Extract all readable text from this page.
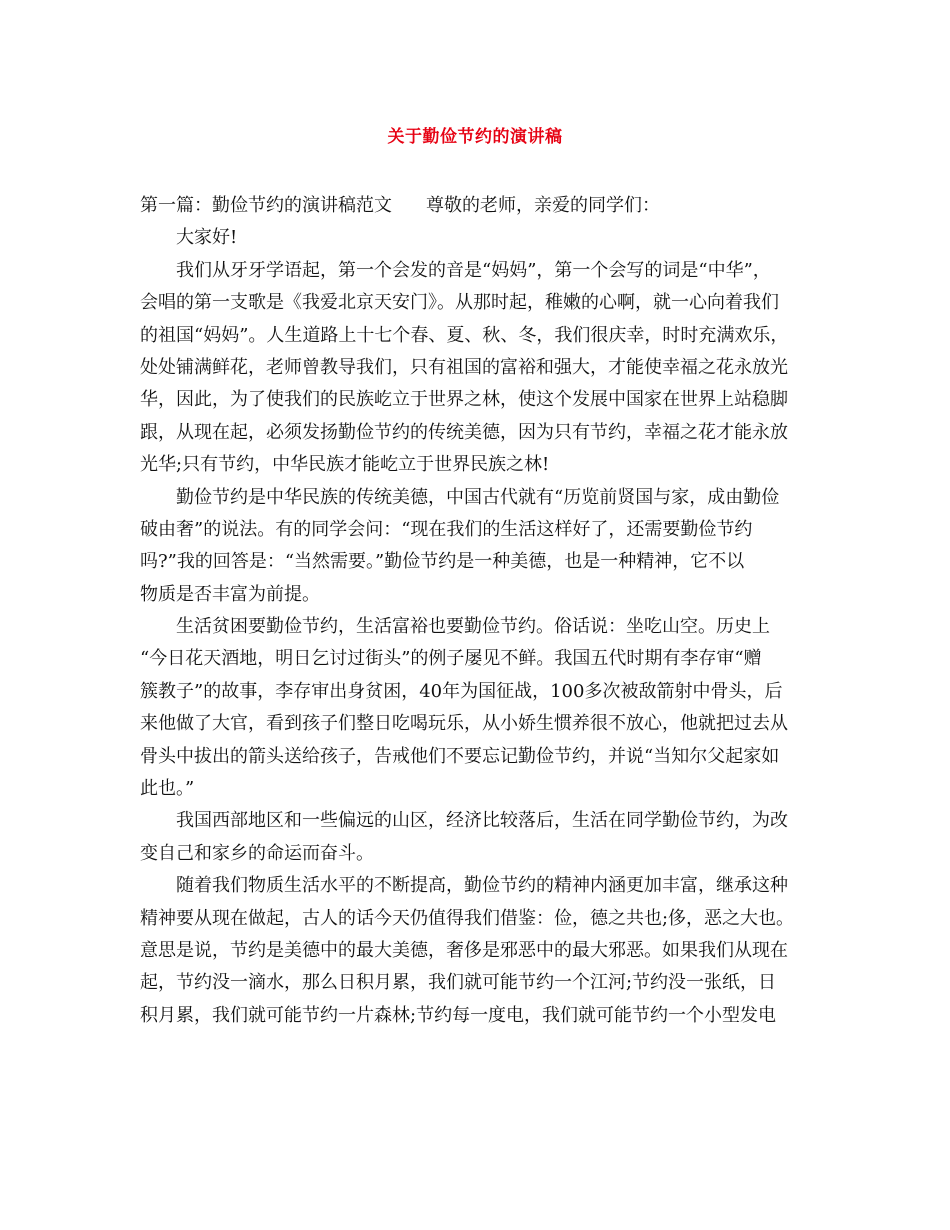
关于勤俭节约的演讲稿
第一篇：勤俭节约的演讲稿范文 尊敬的老师，亲爱的同学们：
大家好!
我们从牙牙学语起，第一个会发的音是“妈妈”，第一个会写的词是“中华”，
会唱的第一支歌是《我爱北京天安门》。从那时起，稚嫩的心啊，就一心向着我们
的祖国“妈妈”。人生道路上十七个春、夏、秋、冬，我们很庆幸，时时充满欢乐，
处处铺满鲜花，老师曾教导我们，只有祖国的富裕和强大，才能使幸福之花永放光
华，因此，为了使我们的民族屹立于世界之林，使这个发展中国家在世界上站稳脚
跟，从现在起，必须发扬勤俭节约的传统美德，因为只有节约，幸福之花才能永放
光华;只有节约，中华民族才能屹立于世界民族之林!
勤俭节约是中华民族的传统美德，中国古代就有“历览前贤国与家，成由勤俭
破由奢”的说法。有的同学会问：“现在我们的生活这样好了，还需要勤俭节约
吗?”我的回答是：“当然需要。”勤俭节约是一种美德，也是一种精神，它不以
物质是否丰富为前提。
生活贫困要勤俭节约，生活富裕也要勤俭节约。俗话说：坐吃山空。历史上
“今日花天酒地，明日乞讨过街头”的例子屡见不鲜。我国五代时期有李存审“赠
簇教子”的故事，李存审出身贫困，40年为国征战，100多次被敌箭射中骨头，后
来他做了大官，看到孩子们整日吃喝玩乐，从小娇生惯养很不放心，他就把过去从
骨头中拔出的箭头送给孩子，告戒他们不要忘记勤俭节约，并说“当知尔父起家如
此也。”
我国西部地区和一些偏远的山区，经济比较落后，生活在同学勤俭节约，为改
变自己和家乡的命运而奋斗。
随着我们物质生活水平的不断提高，勤俭节约的精神内涵更加丰富，继承这种
精神要从现在做起，古人的话今天仍值得我们借鉴：俭，德之共也;侈，恶之大也。
意思是说，节约是美德中的最大美德，奢侈是邪恶中的最大邪恶。如果我们从现在
起，节约没一滴水，那么日积月累，我们就可能节约一个江河;节约没一张纸，日
积月累，我们就可能节约一片森林;节约每一度电，我们就可能节约一个小型发电
